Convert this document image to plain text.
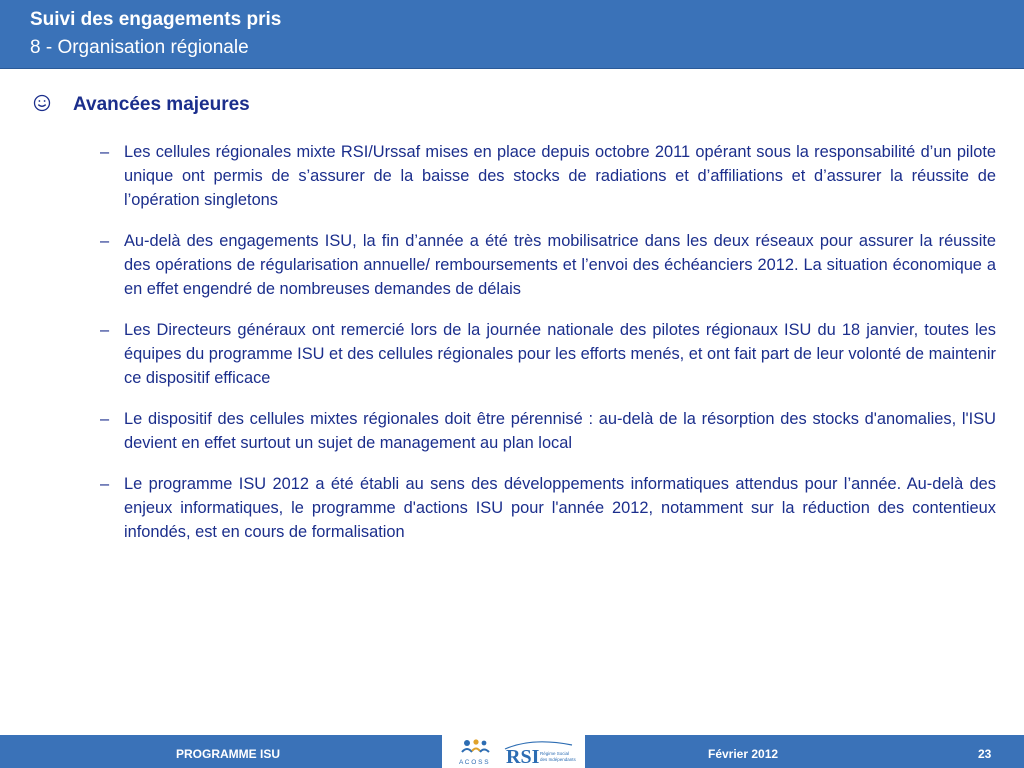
Suivi des engagements pris
8 - Organisation régionale
Avancées majeures
– Les cellules régionales mixte RSI/Urssaf mises en place depuis octobre 2011 opérant sous la responsabilité d’un pilote unique ont permis de s’assurer de la baisse des stocks de radiations et d’affiliations et d’assurer la réussite de l’opération singletons
– Au-delà des engagements ISU, la fin d’année a été très mobilisatrice dans les deux réseaux pour assurer la réussite des opérations de régularisation annuelle/ remboursements et l’envoi des échéanciers 2012. La situation économique a en effet engendré de nombreuses demandes de délais
– Les Directeurs généraux ont remercié lors de la journée nationale des pilotes régionaux ISU du 18 janvier, toutes les équipes du programme ISU et des cellules régionales pour les efforts menés, et ont fait part de leur volonté de maintenir ce dispositif efficace
– Le dispositif des cellules mixtes régionales doit être pérennisé : au-delà de la résorption des stocks d'anomalies, l'ISU devient en effet surtout un sujet de management au plan local
– Le programme ISU 2012 a été établi au sens des développements informatiques attendus pour l’année. Au-delà des enjeux informatiques, le programme d'actions ISU pour l'année 2012, notamment sur la réduction des contentieux infondés, est en cours de formalisation
PROGRAMME ISU
A C O S S RSI Régime Social
des Indépendants	Février 2012	23
